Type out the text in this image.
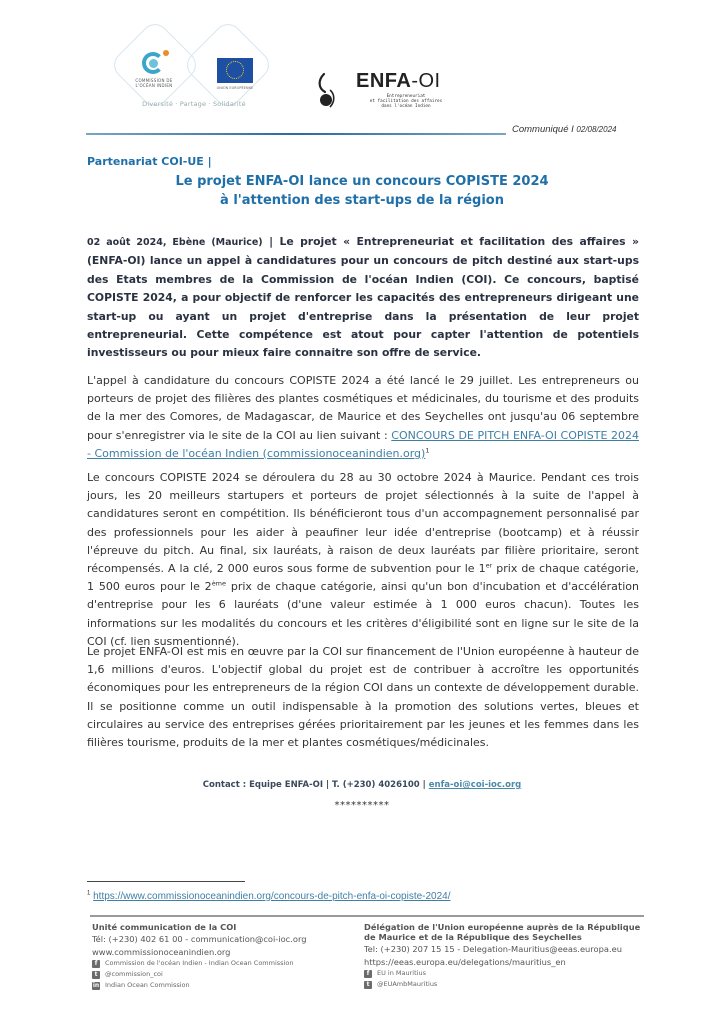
COMMISSION DE
L'OCÉAN INDIEN	UNION EUROPÉENNE
Diversité · Partage · Solidarité
ENFA-OI
Entrepreneuriat
et facilitation des affaires
dans l'océan Indien
Communiqué I 02/08/2024
Partenariat COI-UE |
Le projet ENFA-OI lance un concours COPISTE 2024
à l'attention des start-ups de la région
02 août 2024, Ebène (Maurice) | Le projet « Entrepreneuriat et facilitation des affaires » (ENFA-OI) lance un appel à candidatures pour un concours de pitch destiné aux start-ups des Etats membres de la Commission de l'océan Indien (COI). Ce concours, baptisé COPISTE 2024, a pour objectif de renforcer les capacités des entrepreneurs dirigeant une start-up ou ayant un projet d'entreprise dans la présentation de leur projet entrepreneurial. Cette compétence est atout pour capter l'attention de potentiels investisseurs ou pour mieux faire connaitre son offre de service.
L'appel à candidature du concours COPISTE 2024 a été lancé le 29 juillet. Les entrepreneurs ou porteurs de projet des filières des plantes cosmétiques et médicinales, du tourisme et des produits de la mer des Comores, de Madagascar, de Maurice et des Seychelles ont jusqu'au 06 septembre pour s'enregistrer via le site de la COI au lien suivant : CONCOURS DE PITCH ENFA-OI COPISTE 2024 - Commission de l'océan Indien (commissionoceanindien.org)$^1$
Le concours COPISTE 2024 se déroulera du 28 au 30 octobre 2024 à Maurice. Pendant ces trois jours, les 20 meilleurs startupers et porteurs de projet sélectionnés à la suite de l'appel à candidatures seront en compétition. Ils bénéficieront tous d'un accompagnement personnalisé par des professionnels pour les aider à peaufiner leur idée d'entreprise (bootcamp) et à réussir l'épreuve du pitch. Au final, six lauréats, à raison de deux lauréats par filière prioritaire, seront récompensés. A la clé, 2 000 euros sous forme de subvention pour le 1er prix de chaque catégorie, 1 500 euros pour le 2ème prix de chaque catégorie, ainsi qu'un bon d'incubation et d'accélération d'entreprise pour les 6 lauréats (d'une valeur estimée à 1 000 euros chacun). Toutes les informations sur les modalités du concours et les critères d'éligibilité sont en ligne sur le site de la COI (cf. lien susmentionné).
Le projet ENFA-OI est mis en œuvre par la COI sur financement de l'Union européenne à hauteur de 1,6 millions d'euros. L'objectif global du projet est de contribuer à accroître les opportunités économiques pour les entrepreneurs de la région COI dans un contexte de développement durable. Il se positionne comme un outil indispensable à la promotion des solutions vertes, bleues et circulaires au service des entreprises gérées prioritairement par les jeunes et les femmes dans les filières tourisme, produits de la mer et plantes cosmétiques/médicinales.
Contact : Equipe ENFA-OI | T. (+230) 4026100 | enfa-oi@coi-ioc.org
**********
$^1$ https://www.commissionoceanindien.org/concours-de-pitch-enfa-oi-copiste-2024/
Unité communication de la COI
Tél: (+230) 402 61 00 - communication@coi-ioc.org
www.commissionoceanindien.org
f	Commission de l'océan Indien - Indian Ocean Commission
t	@commission_coi
in Indian Ocean Commission
Délégation de l'Union européenne auprès de la République
de Maurice et de la République des Seychelles
Tel: (+230) 207 15 15 - Delegation-Mauritius@eeas.europa.eu
https://eeas.europa.eu/delegations/mauritius_en
f	EU in Mauritius
t	@EUAmbMauritius
